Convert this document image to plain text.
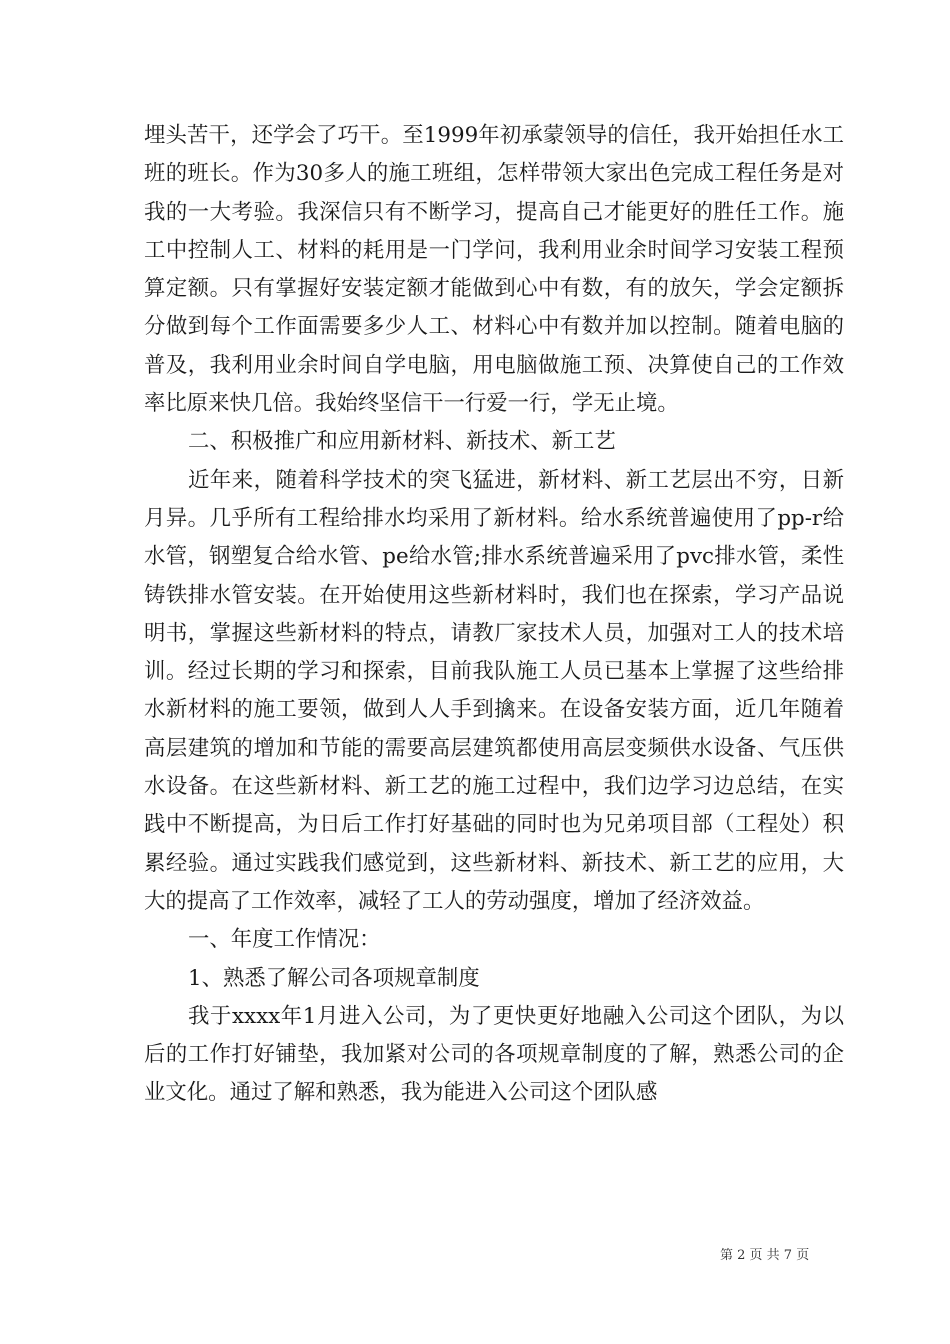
埋头苦干，还学会了巧干。至1999年初承蒙领导的信任，我开始担任水工班的班长。作为30多人的施工班组，怎样带领大家出色完成工程任务是对我的一大考验。我深信只有不断学习，提高自己才能更好的胜任工作。施工中控制人工、材料的耗用是一门学问，我利用业余时间学习安装工程预算定额。只有掌握好安装定额才能做到心中有数，有的放矢，学会定额拆分做到每个工作面需要多少人工、材料心中有数并加以控制。随着电脑的普及，我利用业余时间自学电脑，用电脑做施工预、决算使自己的工作效率比原来快几倍。我始终坚信干一行爱一行，学无止境。

二、积极推广和应用新材料、新技术、新工艺

近年来，随着科学技术的突飞猛进，新材料、新工艺层出不穷，日新月异。几乎所有工程给排水均采用了新材料。给水系统普遍使用了pp-r给水管，钢塑复合给水管、pe给水管;排水系统普遍采用了pvc排水管，柔性铸铁排水管安装。在开始使用这些新材料时，我们也在探索，学习产品说明书，掌握这些新材料的特点，请教厂家技术人员，加强对工人的技术培训。经过长期的学习和探索，目前我队施工人员已基本上掌握了这些给排水新材料的施工要领，做到人人手到擒来。在设备安装方面，近几年随着高层建筑的增加和节能的需要高层建筑都使用高层变频供水设备、气压供水设备。在这些新材料、新工艺的施工过程中，我们边学习边总结，在实践中不断提高，为日后工作打好基础的同时也为兄弟项目部（工程处）积累经验。通过实践我们感觉到，这些新材料、新技术、新工艺的应用，大大的提高了工作效率，减轻了工人的劳动强度，增加了经济效益。

一、年度工作情况：

1、熟悉了解公司各项规章制度

我于xxxx年1月进入公司，为了更快更好地融入公司这个团队，为以后的工作打好铺垫，我加紧对公司的各项规章制度的了解，熟悉公司的企业文化。通过了解和熟悉，我为能进入公司这个团队感

第 2 页 共 7 页
